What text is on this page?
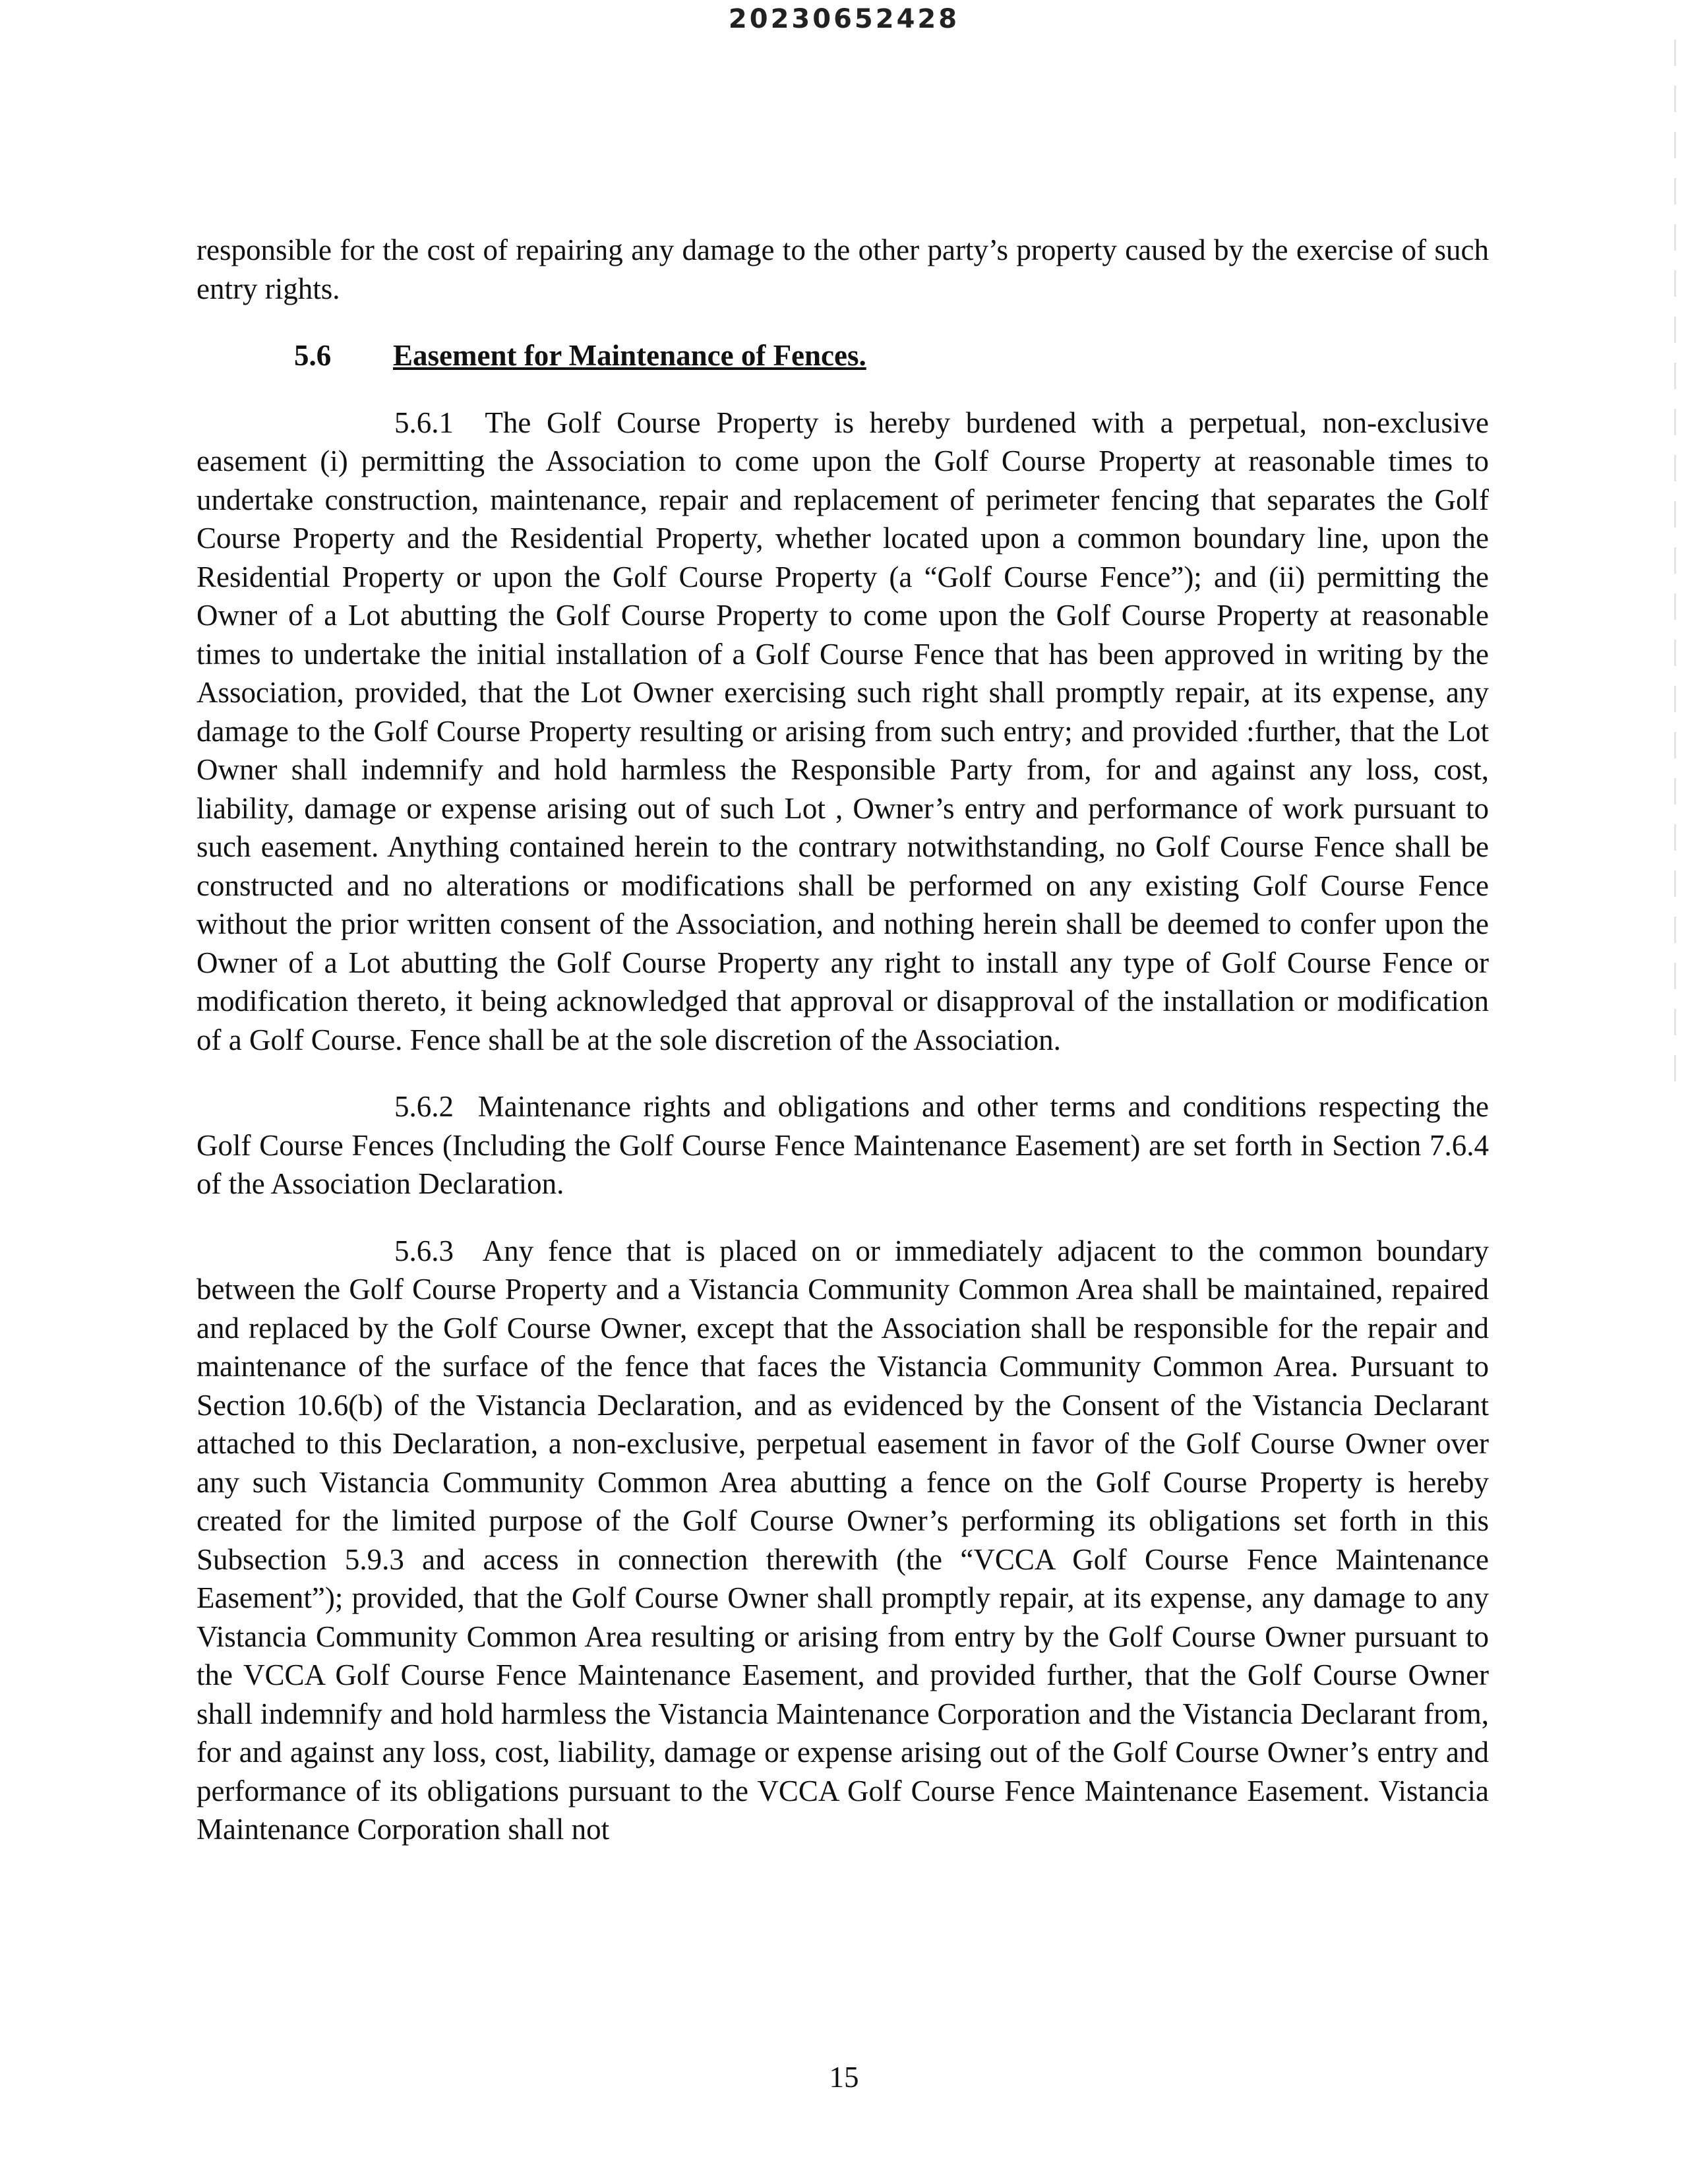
20230652428

responsible for the cost of repairing any damage to the other party’s property caused by the exercise of such entry rights.

5.6 Easement for Maintenance of Fences.

5.6.1 The Golf Course Property is hereby burdened with a perpetual, non-exclusive easement (i) permitting the Association to come upon the Golf Course Property at reasonable times to undertake construction, maintenance, repair and replacement of perimeter fencing that separates the Golf Course Property and the Residential Property, whether located upon a common boundary line, upon the Residential Property or upon the Golf Course Property (a “Golf Course Fence”); and (ii) permitting the Owner of a Lot abutting the Golf Course Property to come upon the Golf Course Property at reasonable times to undertake the initial installation of a Golf Course Fence that has been approved in writing by the Association, provided, that the Lot Owner exercising such right shall promptly repair, at its expense, any damage to the Golf Course Property resulting or arising from such entry; and provided :further, that the Lot Owner shall indemnify and hold harmless the Responsible Party from, for and against any loss, cost, liability, damage or expense arising out of such Lot , Owner’s entry and performance of work pursuant to such easement. Anything contained herein to the contrary notwithstanding, no Golf Course Fence shall be constructed and no alterations or modifications shall be performed on any existing Golf Course Fence without the prior written consent of the Association, and nothing herein shall be deemed to confer upon the Owner of a Lot abutting the Golf Course Property any right to install any type of Golf Course Fence or modification thereto, it being acknowledged that approval or disapproval of the installation or modification of a Golf Course. Fence shall be at the sole discretion of the Association.

5.6.2 Maintenance rights and obligations and other terms and conditions respecting the Golf Course Fences (Including the Golf Course Fence Maintenance Easement) are set forth in Section 7.6.4 of the Association Declaration.

5.6.3 Any fence that is placed on or immediately adjacent to the common boundary between the Golf Course Property and a Vistancia Community Common Area shall be maintained, repaired and replaced by the Golf Course Owner, except that the Association shall be responsible for the repair and maintenance of the surface of the fence that faces the Vistancia Community Common Area. Pursuant to Section 10.6(b) of the Vistancia Declaration, and as evidenced by the Consent of the Vistancia Declarant attached to this Declaration, a non-exclusive, perpetual easement in favor of the Golf Course Owner over any such Vistancia Community Common Area abutting a fence on the Golf Course Property is hereby created for the limited purpose of the Golf Course Owner’s performing its obligations set forth in this Subsection 5.9.3 and access in connection therewith (the “VCCA Golf Course Fence Maintenance Easement”); provided, that the Golf Course Owner shall promptly repair, at its expense, any damage to any Vistancia Community Common Area resulting or arising from entry by the Golf Course Owner pursuant to the VCCA Golf Course Fence Maintenance Easement, and provided further, that the Golf Course Owner shall indemnify and hold harmless the Vistancia Maintenance Corporation and the Vistancia Declarant from, for and against any loss, cost, liability, damage or expense arising out of the Golf Course Owner’s entry and performance of its obligations pursuant to the VCCA Golf Course Fence Maintenance Easement. Vistancia Maintenance Corporation shall not

15
